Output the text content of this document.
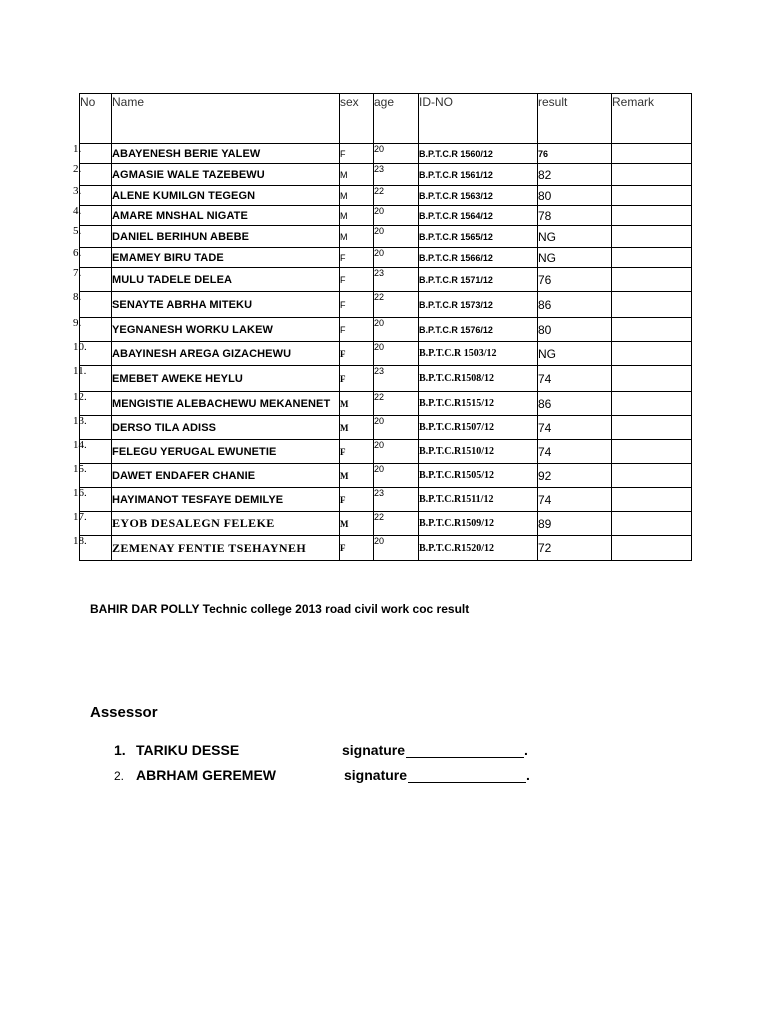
No	Name	sex	age	ID-NO	result	Remark

1.	ABAYENESH BERIE YALEW	F	20	B.P.T.C.R 1560/12	76	

2.	AGMASIE WALE TAZEBEWU	M	23	B.P.T.C.R 1561/12	82	

3.	ALENE KUMILGN TEGEGN	M	22	B.P.T.C.R 1563/12	80	

4.	AMARE MNSHAL NIGATE	M	20	B.P.T.C.R 1564/12	78	

5.	DANIEL BERIHUN ABEBE	M	20	B.P.T.C.R 1565/12	NG	

6.	EMAMEY BIRU TADE	F	20	B.P.T.C.R 1566/12	NG	

7.	MULU TADELE DELEA	F	23	B.P.T.C.R 1571/12	76	

8.	SENAYTE ABRHA MITEKU	F	22	B.P.T.C.R 1573/12	86	

9.	YEGNANESH WORKU LAKEW	F	20	B.P.T.C.R 1576/12	80	

10.	ABAYINESH AREGA GIZACHEWU	F	20	B.P.T.C.R 1503/12	NG	

11.	EMEBET AWEKE HEYLU	F	23	B.P.T.C.R1508/12	74	

12.	MENGISTIE ALEBACHEWU MEKANENET	M	22	B.P.T.C.R1515/12	86	

13.	DERSO TILA ADISS	M	20	B.P.T.C.R1507/12	74	

14.	FELEGU YERUGAL EWUNETIE	F	20	B.P.T.C.R1510/12	74	

15.	DAWET ENDAFER CHANIE	M	20	B.P.T.C.R1505/12	92	

16.	HAYIMANOT TESFAYE DEMILYE	F	23	B.P.T.C.R1511/12	74	

17.	EYOB DESALEGN FELEKE	M	22	B.P.T.C.R1509/12	89	

18.	ZEMENAY FENTIE TSEHAYNEH	F	20	B.P.T.C.R1520/12	72	
BAHIR DAR POLLY Technic college 2013 road civil work coc result
Assessor
1. TARIKU DESSE	signature	.
2. ABRHAM GEREMEW	signature	.
